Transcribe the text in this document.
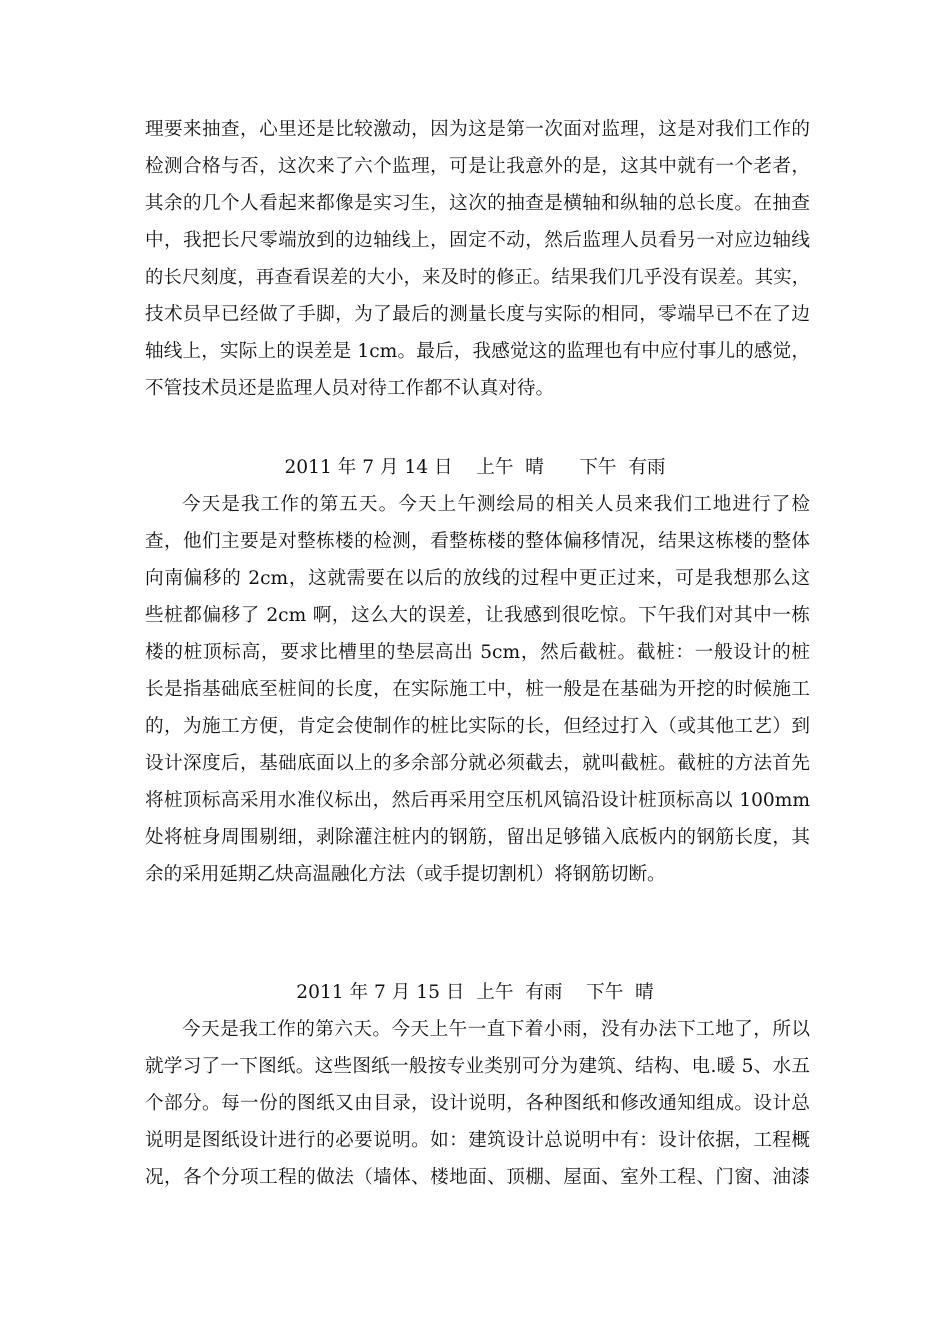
理要来抽查，心里还是比较激动，因为这是第一次面对监理，这是对我们工作的
检测合格与否，这次来了六个监理，可是让我意外的是，这其中就有一个老者，
其余的几个人看起来都像是实习生，这次的抽查是横轴和纵轴的总长度。在抽查
中，我把长尺零端放到的边轴线上，固定不动，然后监理人员看另一对应边轴线
的长尺刻度，再查看误差的大小，来及时的修正。结果我们几乎没有误差。其实，
技术员早已经做了手脚，为了最后的测量长度与实际的相同，零端早已不在了边
轴线上，实际上的误差是 1cm。最后，我感觉这的监理也有中应付事儿的感觉，
不管技术员还是监理人员对待工作都不认真对待。
2011 年 7 月 14 日    上午  晴      下午  有雨
今天是我工作的第五天。今天上午测绘局的相关人员来我们工地进行了检
查，他们主要是对整栋楼的检测，看整栋楼的整体偏移情况，结果这栋楼的整体
向南偏移的 2cm，这就需要在以后的放线的过程中更正过来，可是我想那么这
些桩都偏移了 2cm 啊，这么大的误差，让我感到很吃惊。下午我们对其中一栋
楼的桩顶标高，要求比槽里的垫层高出 5cm，然后截桩。截桩：一般设计的桩
长是指基础底至桩间的长度，在实际施工中，桩一般是在基础为开挖的时候施工
的，为施工方便，肯定会使制作的桩比实际的长，但经过打入（或其他工艺）到
设计深度后，基础底面以上的多余部分就必须截去，就叫截桩。截桩的方法首先
将桩顶标高采用水准仪标出，然后再采用空压机风镐沿设计桩顶标高以 100mm
处将桩身周围剔细，剥除灌注桩内的钢筋，留出足够锚入底板内的钢筋长度，其
余的采用延期乙炔高温融化方法（或手提切割机）将钢筋切断。
2011 年 7 月 15 日  上午  有雨    下午  晴
今天是我工作的第六天。今天上午一直下着小雨，没有办法下工地了，所以
就学习了一下图纸。这些图纸一般按专业类别可分为建筑、结构、电.暖 5、水五
个部分。每一份的图纸又由目录，设计说明，各种图纸和修改通知组成。设计总
说明是图纸设计进行的必要说明。如：建筑设计总说明中有：设计依据，工程概
况，各个分项工程的做法（墙体、楼地面、顶棚、屋面、室外工程、门窗、油漆
